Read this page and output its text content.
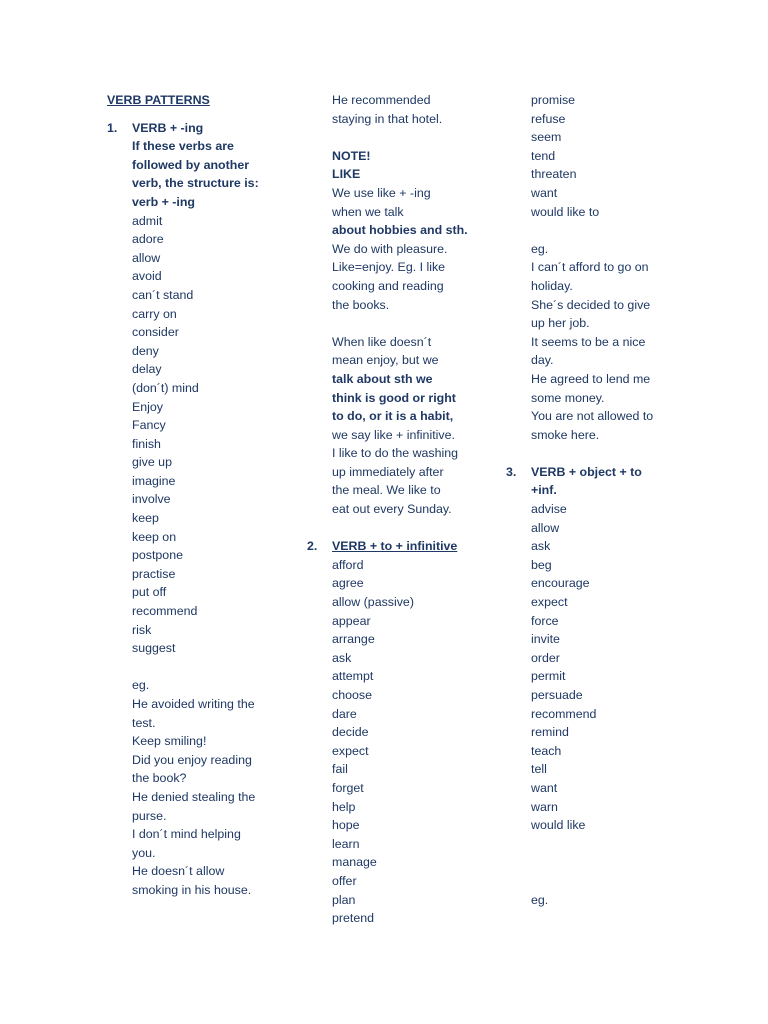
VERB PATTERNS
1. VERB + -ing
If these verbs are
followed by another
verb, the structure is:
verb + -ing
admit
adore
allow
avoid
can´t stand
carry on
consider
deny
delay
(don´t) mind
Enjoy
Fancy
finish
give up
imagine
involve
keep
keep on
postpone
practise
put off
recommend
risk
suggest
eg.
He avoided writing the
test.
Keep smiling!
Did you enjoy reading
the book?
He denied stealing the
purse.
I don´t mind helping
you.
He doesn´t allow
smoking in his house.
He recommended
staying in that hotel.
NOTE!
LIKE
We use like + -ing
when we talk
about hobbies and sth.
We do with pleasure.
Like=enjoy. Eg. I like
cooking and reading
the books.
When like doesn´t
mean enjoy, but we
talk about sth we
think is good or right
to do, or it is a habit,
we say like + infinitive.
I like to do the washing
up immediately after
the meal. We like to
eat out every Sunday.
2. VERB + to + infinitive
afford
agree
allow (passive)
appear
arrange
ask
attempt
choose
dare
decide
expect
fail
forget
help
hope
learn
manage
offer
plan
pretend
promise
refuse
seem
tend
threaten
want
would like to
eg.
I can´t afford to go on
holiday.
She´s decided to give
up her job.
It seems to be a nice
day.
He agreed to lend me
some money.
You are not allowed to
smoke here.
3. VERB + object + to
+inf.
advise
allow
ask
beg
encourage
expect
force
invite
order
permit
persuade
recommend
remind
teach
tell
want
warn
would like
eg.
